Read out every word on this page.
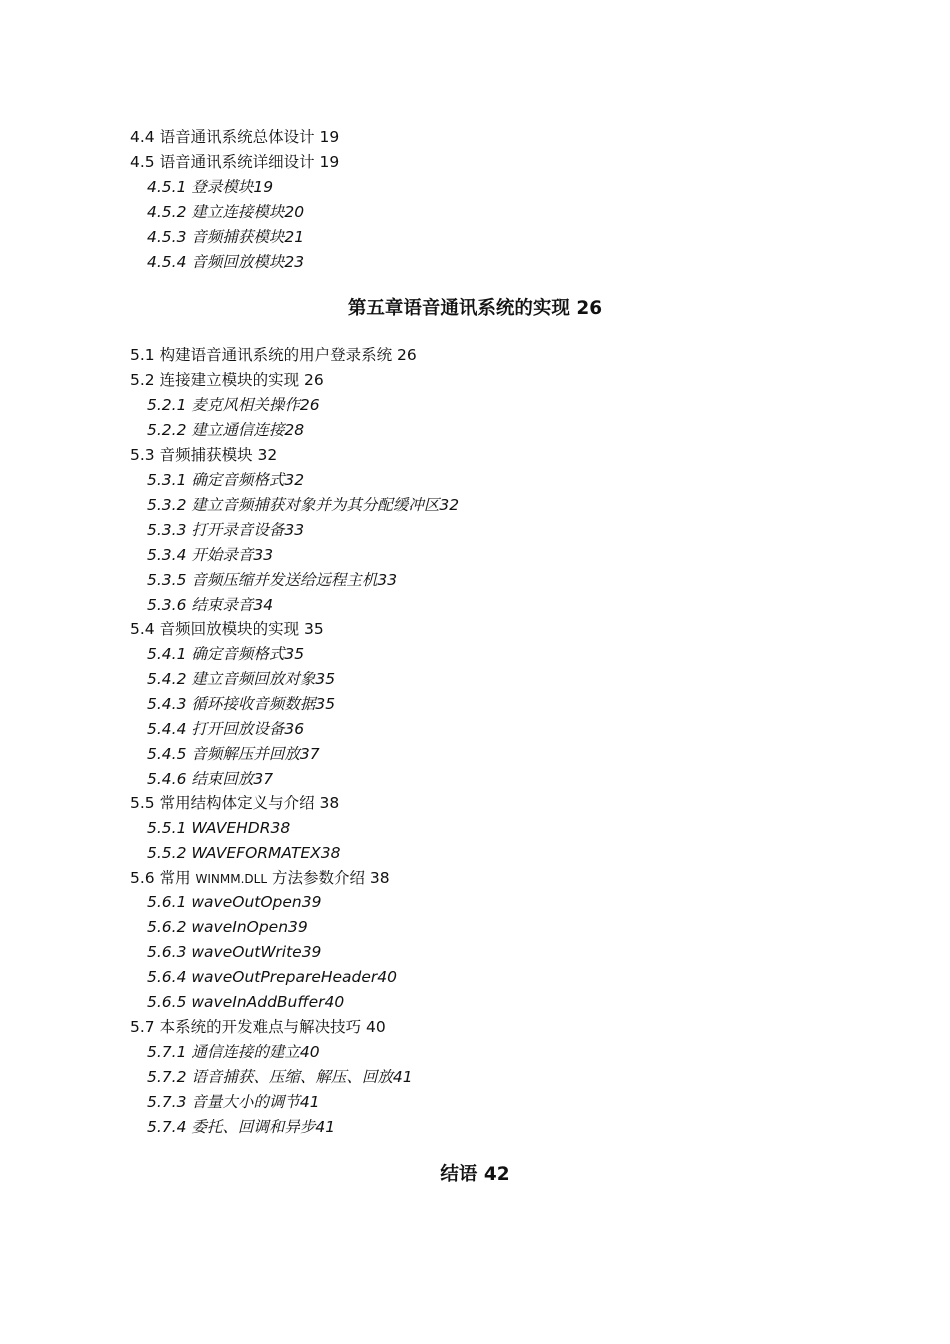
4.4 语音通讯系统总体设计 19
4.5 语音通讯系统详细设计 19
4.5.1 登录模块19
4.5.2 建立连接模块20
4.5.3 音频捕获模块21
4.5.4 音频回放模块23
第五章语音通讯系统的实现 26
5.1 构建语音通讯系统的用户登录系统 26
5.2 连接建立模块的实现 26
5.2.1 麦克风相关操作26
5.2.2 建立通信连接28
5.3 音频捕获模块 32
5.3.1 确定音频格式32
5.3.2 建立音频捕获对象并为其分配缓冲区32
5.3.3 打开录音设备33
5.3.4 开始录音33
5.3.5 音频压缩并发送给远程主机33
5.3.6 结束录音34
5.4 音频回放模块的实现 35
5.4.1 确定音频格式35
5.4.2 建立音频回放对象35
5.4.3 循环接收音频数据35
5.4.4 打开回放设备36
5.4.5 音频解压并回放37
5.4.6 结束回放37
5.5 常用结构体定义与介绍 38
5.5.1 WAVEHDR38
5.5.2 WAVEFORMATEX38
5.6 常用 WINMM.DLL 方法参数介绍 38
5.6.1 waveOutOpen39
5.6.2 waveInOpen39
5.6.3 waveOutWrite39
5.6.4 waveOutPrepareHeader40
5.6.5 waveInAddBuffer40
5.7 本系统的开发难点与解决技巧 40
5.7.1 通信连接的建立40
5.7.2 语音捕获、压缩、解压、回放41
5.7.3 音量大小的调节41
5.7.4 委托、回调和异步41
结语 42
